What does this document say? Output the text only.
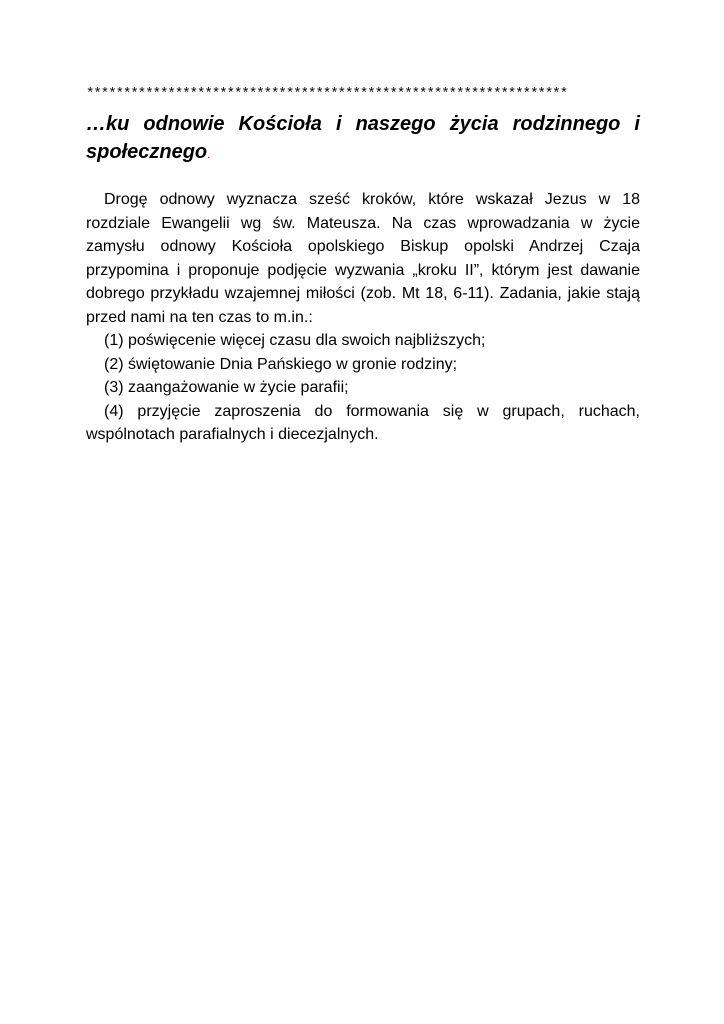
*****************************************************************
…ku odnowie Kościoła i naszego życia rodzinnego i społecznego.

Drogę odnowy wyznacza sześć kroków, które wskazał Jezus w 18 rozdziale Ewangelii wg św. Mateusza. Na czas wprowadzania w życie zamysłu odnowy Kościoła opolskiego Biskup opolski Andrzej Czaja przypomina i proponuje podjęcie wyzwania „kroku II”, którym jest dawanie dobrego przykładu wzajemnej miłości (zob. Mt 18, 6-11). Zadania, jakie stają przed nami na ten czas to m.in.:

(1) poświęcenie więcej czasu dla swoich najbliższych;

(2) świętowanie Dnia Pańskiego w gronie rodziny;

(3) zaangażowanie w życie parafii;

(4) przyjęcie zaproszenia do formowania się w grupach, ruchach, wspólnotach parafialnych i diecezjalnych.
